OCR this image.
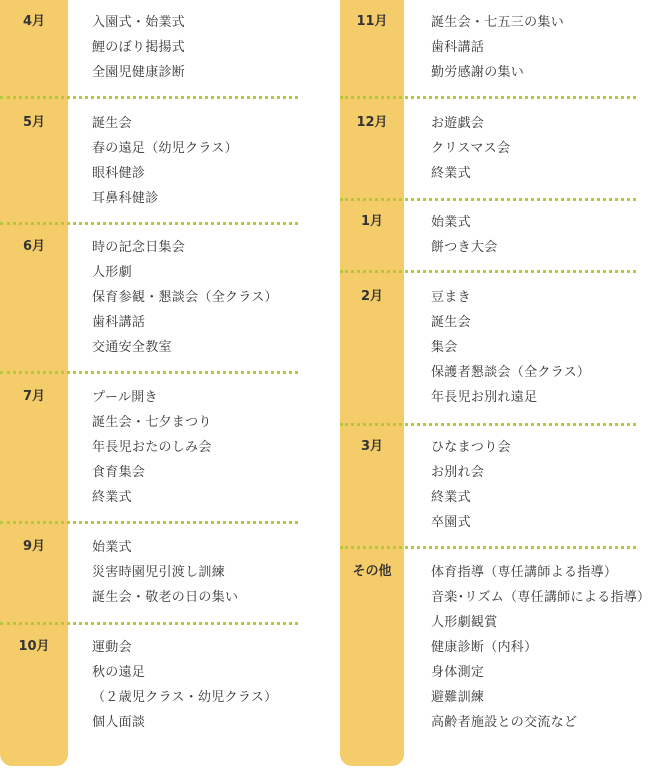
4月	入園式・始業式
鯉のぼり掲揚式
全園児健康診断
5月	誕生会
春の遠足（幼児クラス）
眼科健診
耳鼻科健診
6月	時の記念日集会
人形劇
保育参観・懇談会（全クラス）
歯科講話
交通安全教室
7月	プール開き
誕生会・七夕まつり
年長児おたのしみ会
食育集会
終業式
9月	始業式
災害時園児引渡し訓練
誕生会・敬老の日の集い
10月	運動会
秋の遠足
（２歳児クラス・幼児クラス）
個人面談
11月	誕生会・七五三の集い
歯科講話
勤労感謝の集い
12月	お遊戯会
クリスマス会
終業式
1月	始業式
餅つき大会
2月	豆まき
誕生会
集会
保護者懇談会（全クラス）
年長児お別れ遠足
3月	ひなまつり会
お別れ会
終業式
卒園式
その他	体育指導（専任講師よる指導）
音楽･リズム（専任講師による指導）
人形劇観賞
健康診断（内科）
身体測定
避難訓練
高齢者施設との交流など
